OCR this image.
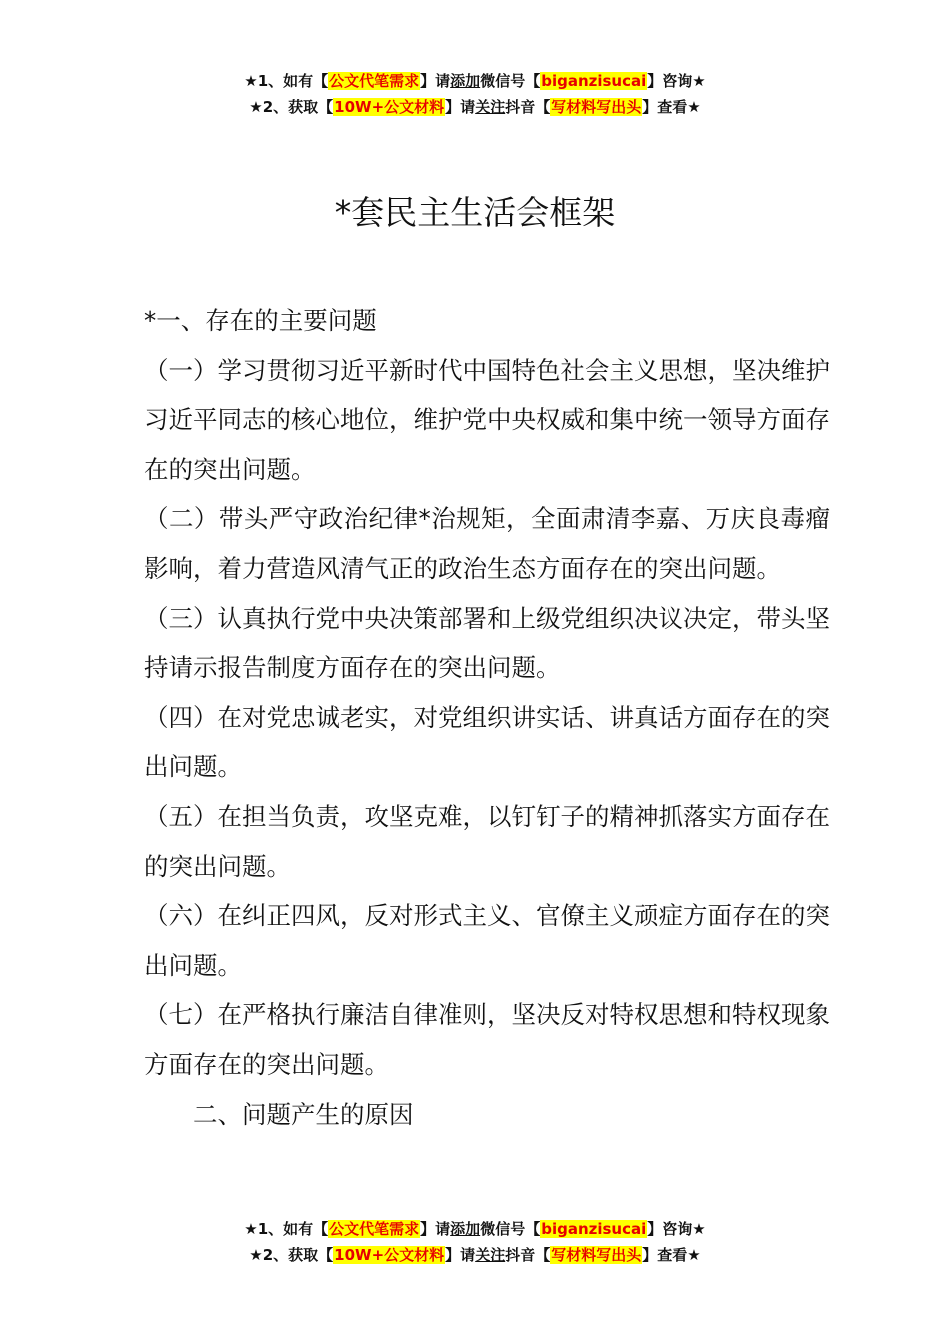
★1、如有【公文代笔需求】请添加微信号【biganzisucai】咨询★
★2、获取【10W+公文材料】请关注抖音【写材料写出头】查看★
*套民主生活会框架

*一、存在的主要问题

（一）学习贯彻习近平新时代中国特色社会主义思想，坚决维护习近平同志的核心地位，维护党中央权威和集中统一领导方面存在的突出问题。

（二）带头严守政治纪律*治规矩，全面肃清李嘉、万庆良毒瘤影响，着力营造风清气正的政治生态方面存在的突出问题。

（三）认真执行党中央决策部署和上级党组织决议决定，带头坚持请示报告制度方面存在的突出问题。

（四）在对党忠诚老实，对党组织讲实话、讲真话方面存在的突出问题。

（五）在担当负责，攻坚克难，以钉钉子的精神抓落实方面存在的突出问题。

（六）在纠正四风，反对形式主义、官僚主义顽症方面存在的突出问题。

（七）在严格执行廉洁自律准则，坚决反对特权思想和特权现象方面存在的突出问题。

二、问题产生的原因

★1、如有【公文代笔需求】请添加微信号【biganzisucai】咨询★
★2、获取【10W+公文材料】请关注抖音【写材料写出头】查看★
